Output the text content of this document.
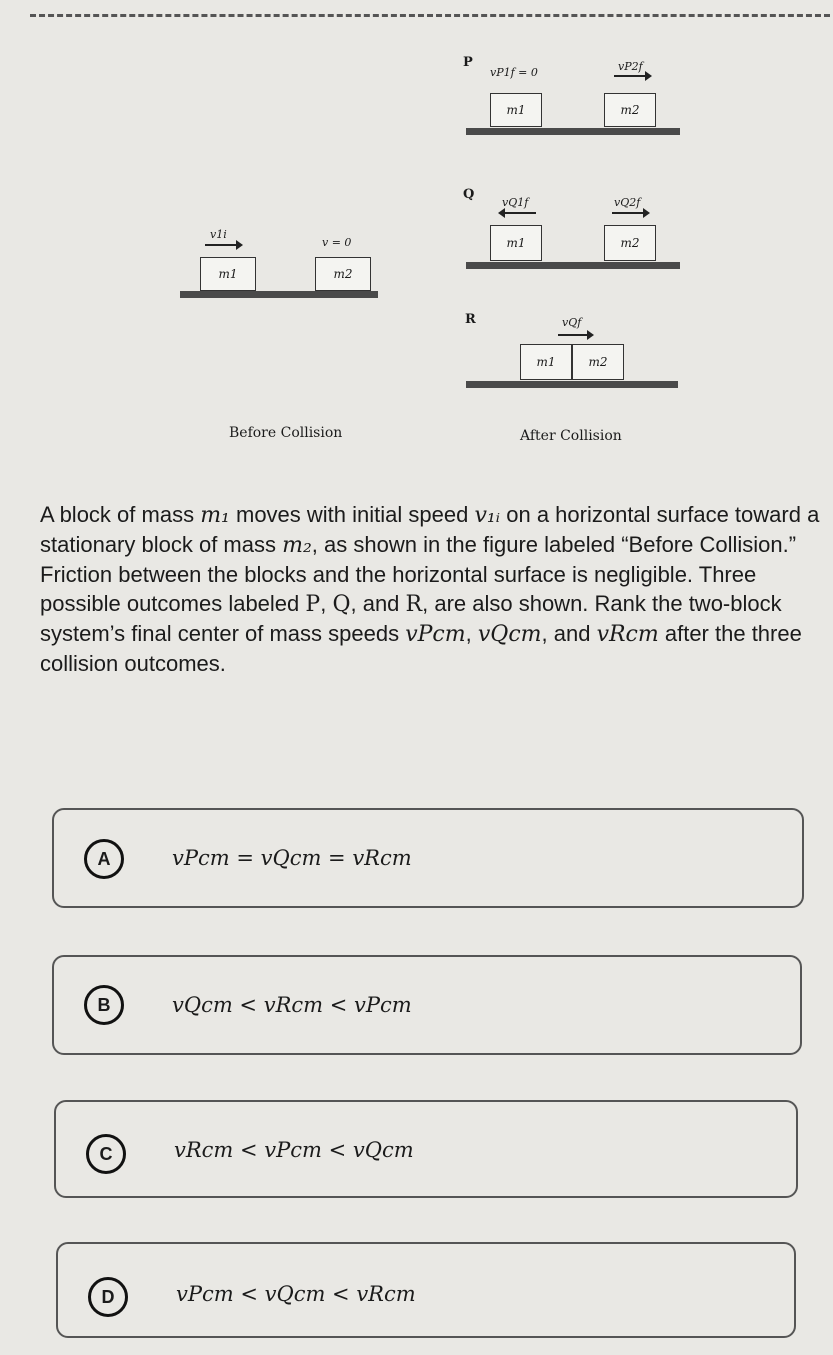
v1i
v = 0
m1	m2
Before Collision
P
vP1f = 0	vP2f
m1	m2
Q
vQ1f	vQ2f
m1	m2
R	vQf
m1	m2
After Collision
A block of mass m₁ moves with initial speed v₁ᵢ on a horizontal surface toward a stationary block of mass m₂, as shown in the figure labeled “Before Collision.” Friction between the blocks and the horizontal surface is negligible. Three possible outcomes labeled P, Q, and R, are also shown. Rank the two-block system’s final center of mass speeds vPcm, vQcm, and vRcm after the three collision outcomes.
A	vPcm = vQcm = vRcm
B	vQcm < vRcm < vPcm
C	vRcm < vPcm < vQcm
D	vPcm < vQcm < vRcm
